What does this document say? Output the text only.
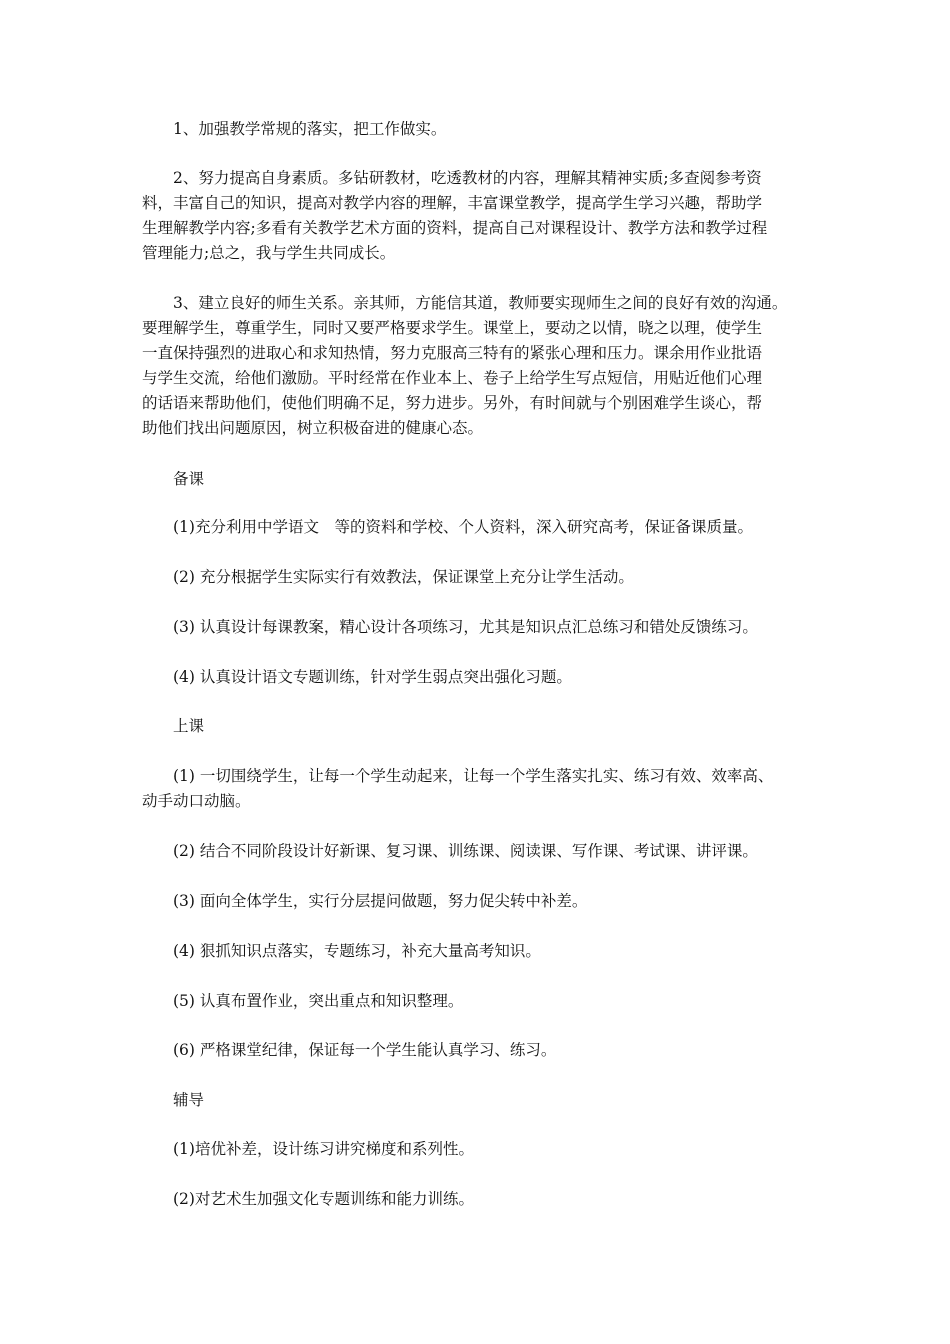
1、加强教学常规的落实，把工作做实。

2、努力提高自身素质。多钻研教材，吃透教材的内容，理解其精神实质;多查阅参考资
料，丰富自己的知识，提高对教学内容的理解，丰富课堂教学，提高学生学习兴趣，帮助学
生理解教学内容;多看有关教学艺术方面的资料，提高自己对课程设计、教学方法和教学过程
管理能力;总之，我与学生共同成长。
3、建立良好的师生关系。亲其师，方能信其道，教师要实现师生之间的良好有效的沟通。
要理解学生，尊重学生，同时又要严格要求学生。课堂上，要动之以情，晓之以理，使学生
一直保持强烈的进取心和求知热情，努力克服高三特有的紧张心理和压力。课余用作业批语
与学生交流，给他们激励。平时经常在作业本上、卷子上给学生写点短信，用贴近他们心理
的话语来帮助他们，使他们明确不足，努力进步。另外，有时间就与个别困难学生谈心，帮
助他们找出问题原因，树立积极奋进的健康心态。

备课

(1)充分利用中学语文　等的资料和学校、个人资料，深入研究高考，保证备课质量。

(2) 充分根据学生实际实行有效教法，保证课堂上充分让学生活动。

(3) 认真设计每课教案，精心设计各项练习，尤其是知识点汇总练习和错处反馈练习。

(4) 认真设计语文专题训练，针对学生弱点突出强化习题。

上课

(1) 一切围绕学生，让每一个学生动起来，让每一个学生落实扎实、练习有效、效率高、
动手动口动脑。

(2) 结合不同阶段设计好新课、复习课、训练课、阅读课、写作课、考试课、讲评课。

(3) 面向全体学生，实行分层提问做题，努力促尖转中补差。

(4) 狠抓知识点落实，专题练习，补充大量高考知识。

(5) 认真布置作业，突出重点和知识整理。

(6) 严格课堂纪律，保证每一个学生能认真学习、练习。

辅导

(1)培优补差，设计练习讲究梯度和系列性。

(2)对艺术生加强文化专题训练和能力训练。
